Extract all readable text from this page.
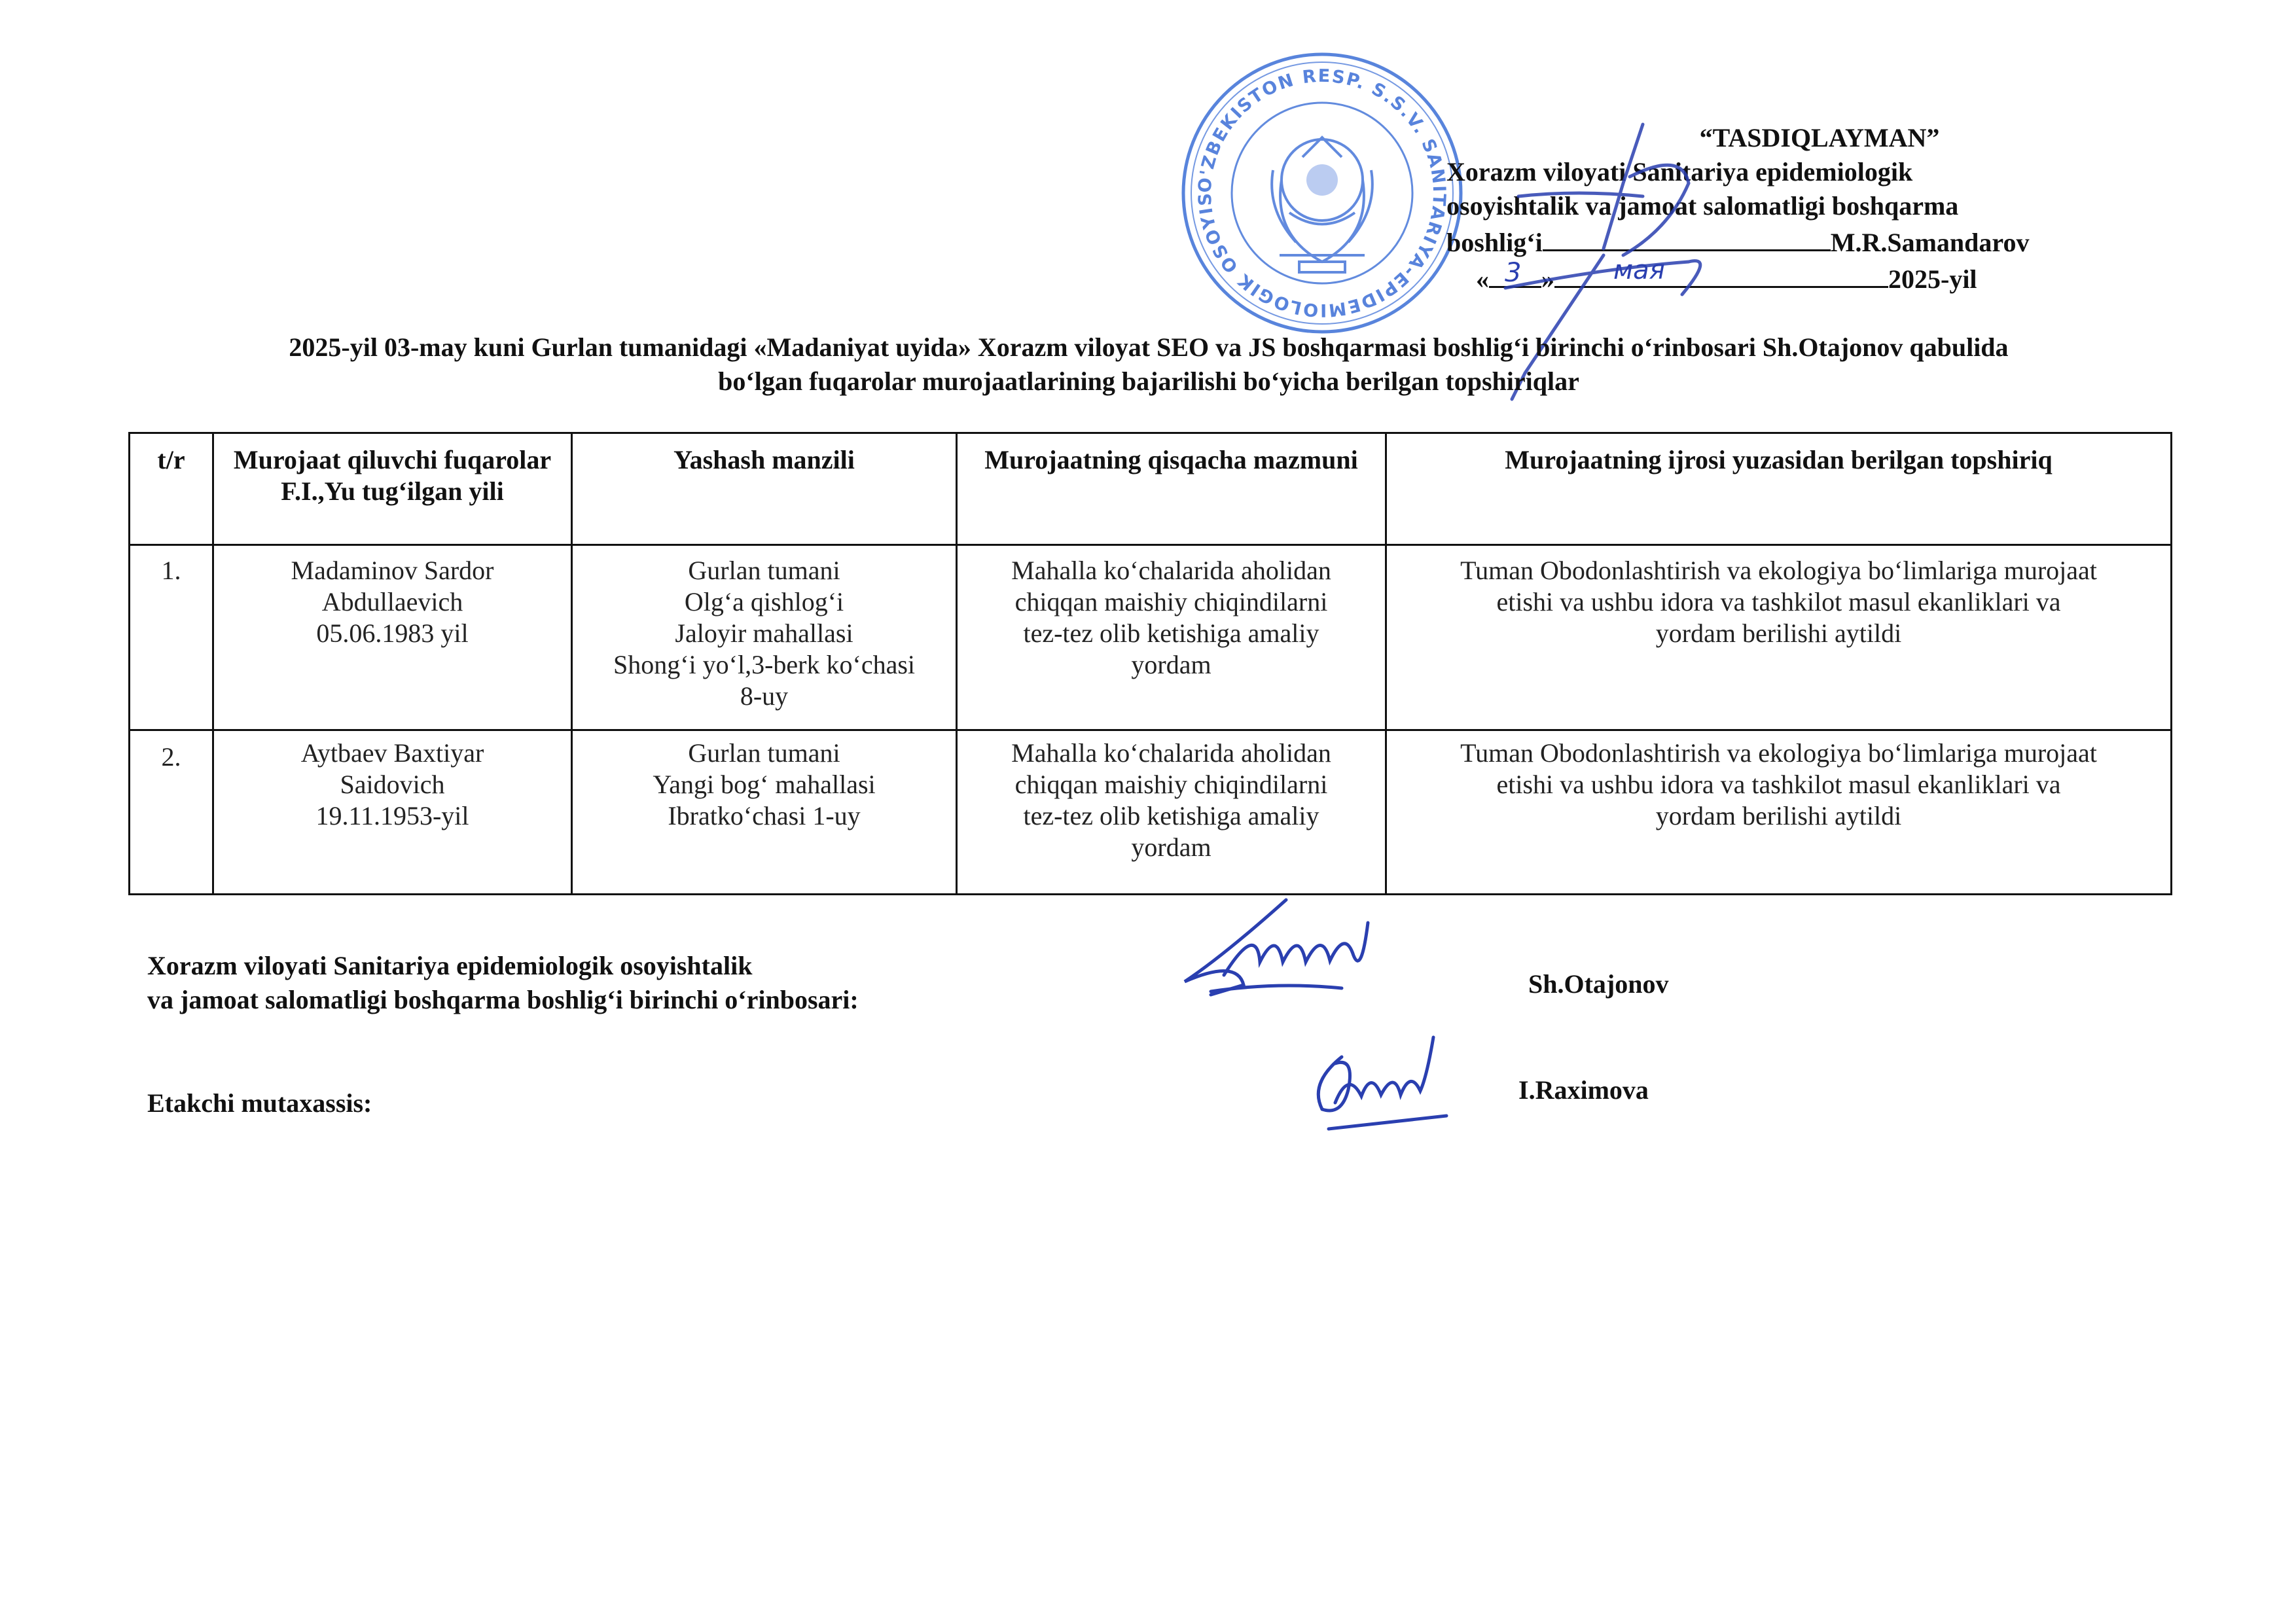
O'ZBEKISTON RESP. S.S.V. SANITARIYA-EPIDEMIOLOGIK OSOYIS
“TASDIQLAYMAN”
Xorazm viloyati Sanitariya epidemiologik
osoyishtalik va jamoat salomatligi boshqarma
boshlig‘i	M.R.Samandarov
« 3 » мая	2025-yil
2025-yil 03-may kuni Gurlan tumanidagi «Madaniyat uyida» Xorazm viloyat SEO va JS boshqarmasi boshlig‘i birinchi o‘rinbosari Sh.Otajonov qabulida
bo‘lgan fuqarolar murojaatlarining bajarilishi bo‘yicha berilgan topshiriqlar
t/r	Murojaat qiluvchi fuqarolar F.I.,Yu tug‘ilgan yili	Yashash manzili	Murojaatning qisqacha mazmuni	Murojaatning ijrosi yuzasidan berilgan topshiriq
1.	Madaminov Sardor
Abdullaevich
05.06.1983 yil	Gurlan tumani
Olg‘a qishlog‘i
Jaloyir mahallasi
Shong‘i yo‘l,3-berk ko‘chasi
8-uy	Mahalla ko‘chalarida aholidan
chiqqan maishiy chiqindilarni
tez-tez olib ketishiga amaliy
yordam	Tuman Obodonlashtirish va ekologiya bo‘limlariga murojaat
etishi va ushbu idora va tashkilot masul ekanliklari va
yordam berilishi aytildi

2.	Aytbaev Baxtiyar
Saidovich
19.11.1953-yil	Gurlan tumani
Yangi bog‘ mahallasi
Ibratko‘chasi 1-uy	Mahalla ko‘chalarida aholidan
chiqqan maishiy chiqindilarni
tez-tez olib ketishiga amaliy
yordam	Tuman Obodonlashtirish va ekologiya bo‘limlariga murojaat
etishi va ushbu idora va tashkilot masul ekanliklari va
yordam berilishi aytildi
Xorazm viloyati Sanitariya epidemiologik osoyishtalik
va jamoat salomatligi boshqarma boshlig‘i birinchi o‘rinbosari:
Sh.Otajonov
Etakchi mutaxassis:	I.Raximova
